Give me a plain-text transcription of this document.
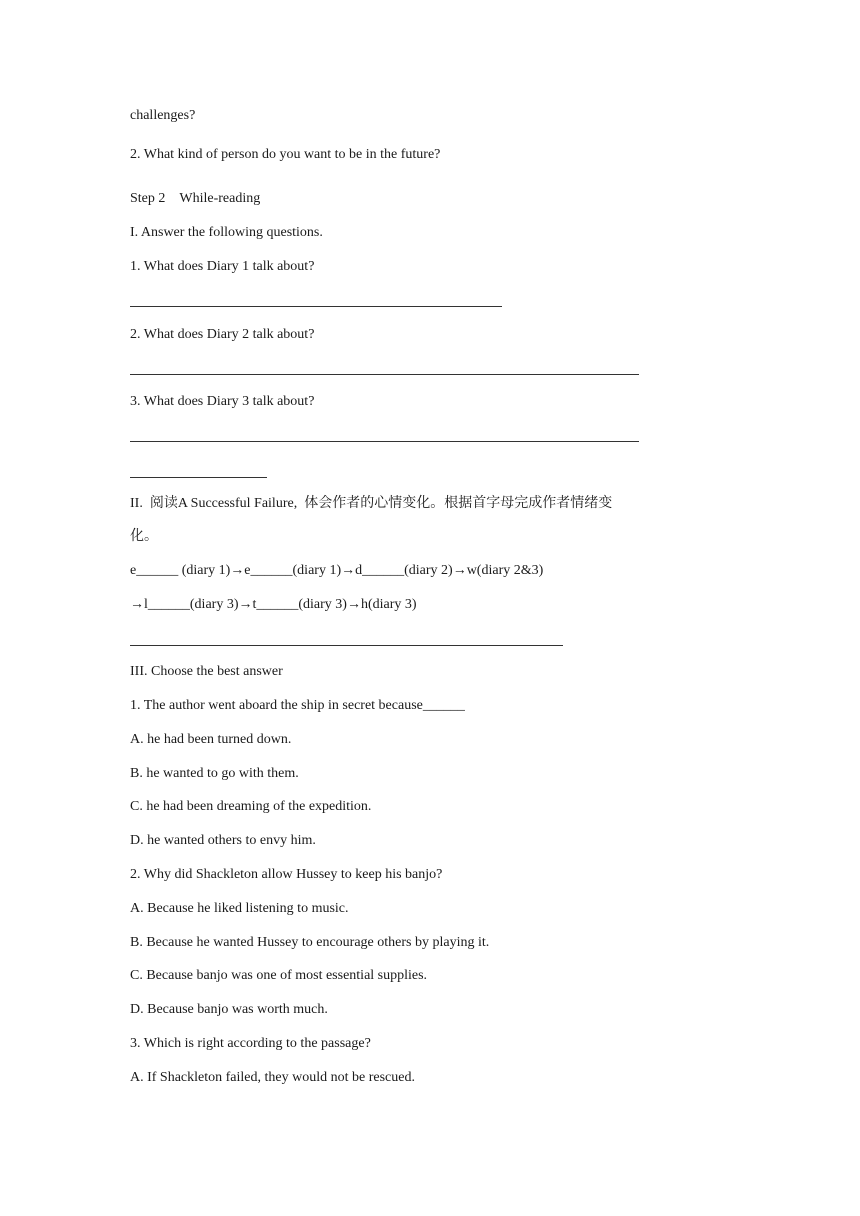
challenges?

2. What kind of person do you want to be in the future?

Step 2    While-reading

I. Answer the following questions.

1. What does Diary 1 talk about?

2. What does Diary 2 talk about?

3. What does Diary 3 talk about?

II.  阅读A Successful Failure,  体会作者的心情变化。根据首字母完成作者情绪变

化。

e______ (diary 1)→e______(diary 1)→d______(diary 2)→w(diary 2&3)

→l______(diary 3)→t______(diary 3)→h(diary 3)

III. Choose the best answer

1. The author went aboard the ship in secret because______

A. he had been turned down.

B. he wanted to go with them.

C. he had been dreaming of the expedition.

D. he wanted others to envy him.

2. Why did Shackleton allow Hussey to keep his banjo?

A. Because he liked listening to music.

B. Because he wanted Hussey to encourage others by playing it.

C. Because banjo was one of most essential supplies.

D. Because banjo was worth much.

3. Which is right according to the passage?

A. If Shackleton failed, they would not be rescued.
